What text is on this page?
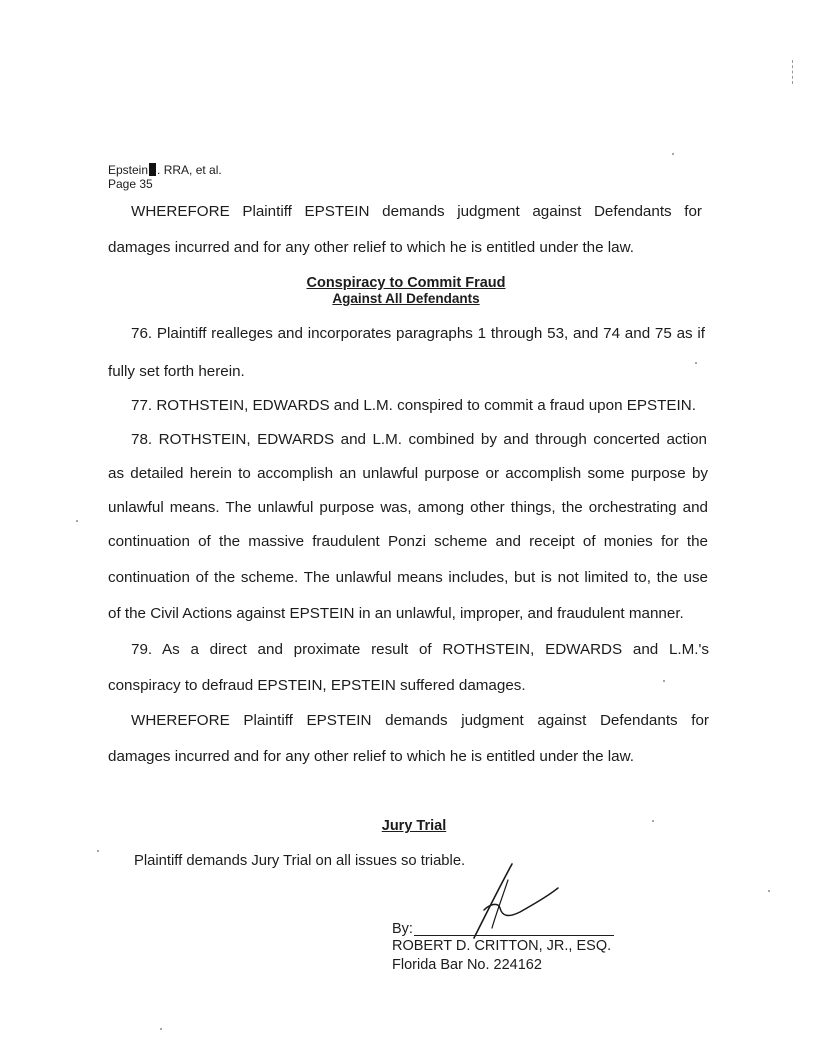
Epstein . RRA, et al.
Page 35
WHEREFORE Plaintiff EPSTEIN demands judgment against Defendants for
damages incurred and for any other relief to which he is entitled under the law.
Conspiracy to Commit Fraud
Against All Defendants
76. Plaintiff realleges and incorporates paragraphs 1 through 53, and 74 and 75 as if
fully set forth herein.
77. ROTHSTEIN, EDWARDS and L.M. conspired to commit a fraud upon EPSTEIN.
78. ROTHSTEIN, EDWARDS and L.M. combined by and through concerted action
as detailed herein to accomplish an unlawful purpose or accomplish some purpose by
unlawful means. The unlawful purpose was, among other things, the orchestrating and
continuation of the massive fraudulent Ponzi scheme and receipt of monies for the
continuation of the scheme. The unlawful means includes, but is not limited to, the use
of the Civil Actions against EPSTEIN in an unlawful, improper, and fraudulent manner.
79. As a direct and proximate result of ROTHSTEIN, EDWARDS and L.M.'s
conspiracy to defraud EPSTEIN, EPSTEIN suffered damages.
WHEREFORE Plaintiff EPSTEIN demands judgment against Defendants for
damages incurred and for any other relief to which he is entitled under the law.
Jury Trial
Plaintiff demands Jury Trial on all issues so triable.
By:
ROBERT D. CRITTON, JR., ESQ.
Florida Bar No. 224162
